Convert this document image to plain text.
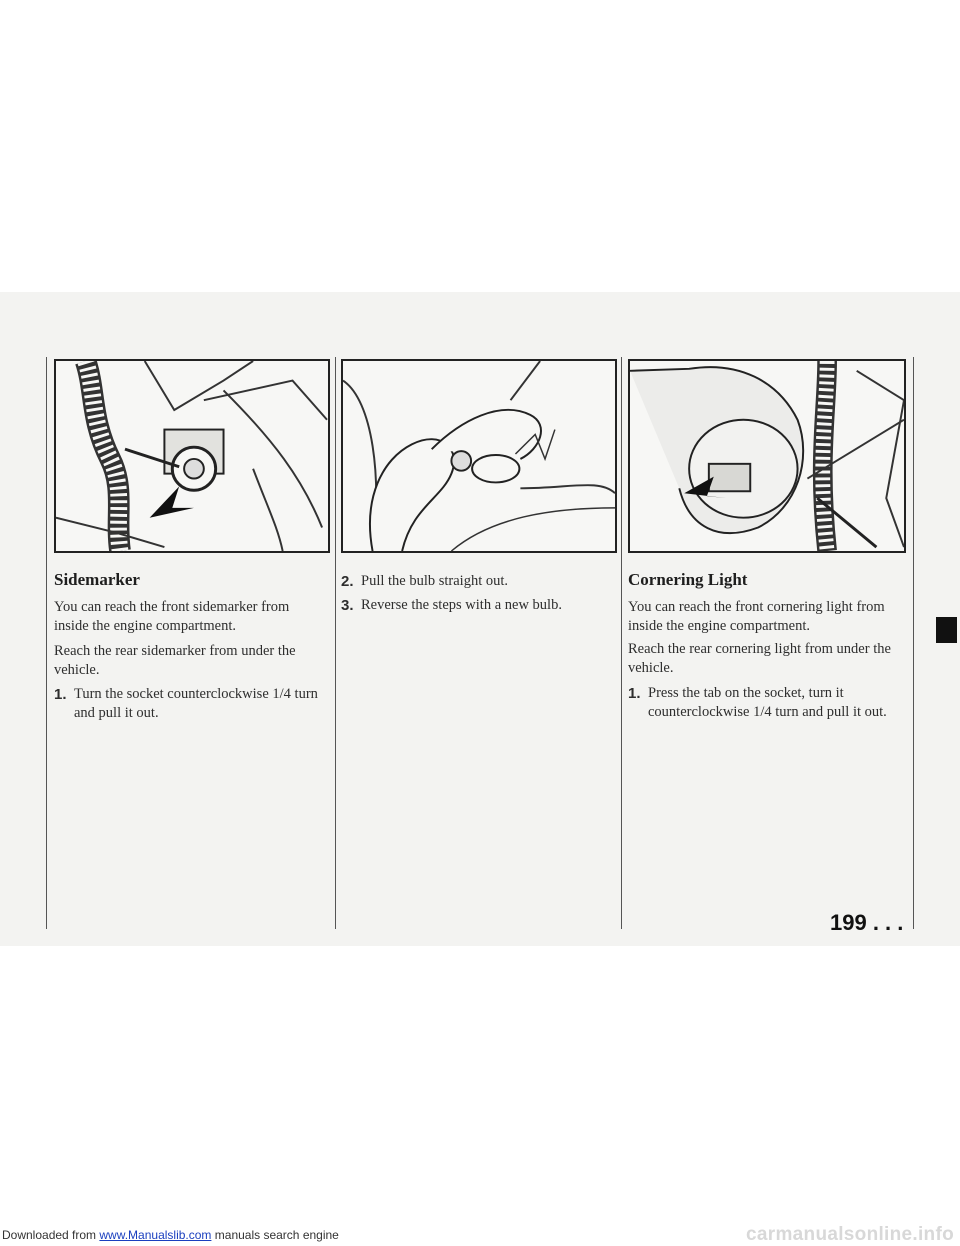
Sidemarker
You can reach the front sidemarker from inside the engine compartment.
Reach the rear sidemarker from under the vehicle.
1. Turn the socket counterclockwise 1/4 turn and pull it out.
2. Pull the bulb straight out.
3. Reverse the steps with a new bulb.
Cornering Light
You can reach the front cornering light from inside the engine compartment.
Reach the rear cornering light from under the vehicle.
1. Press the tab on the socket, turn it counterclockwise 1/4 turn and pull it out.
199 . . .
Downloaded from www.Manualslib.com manuals search engine	carmanualsonline.info
